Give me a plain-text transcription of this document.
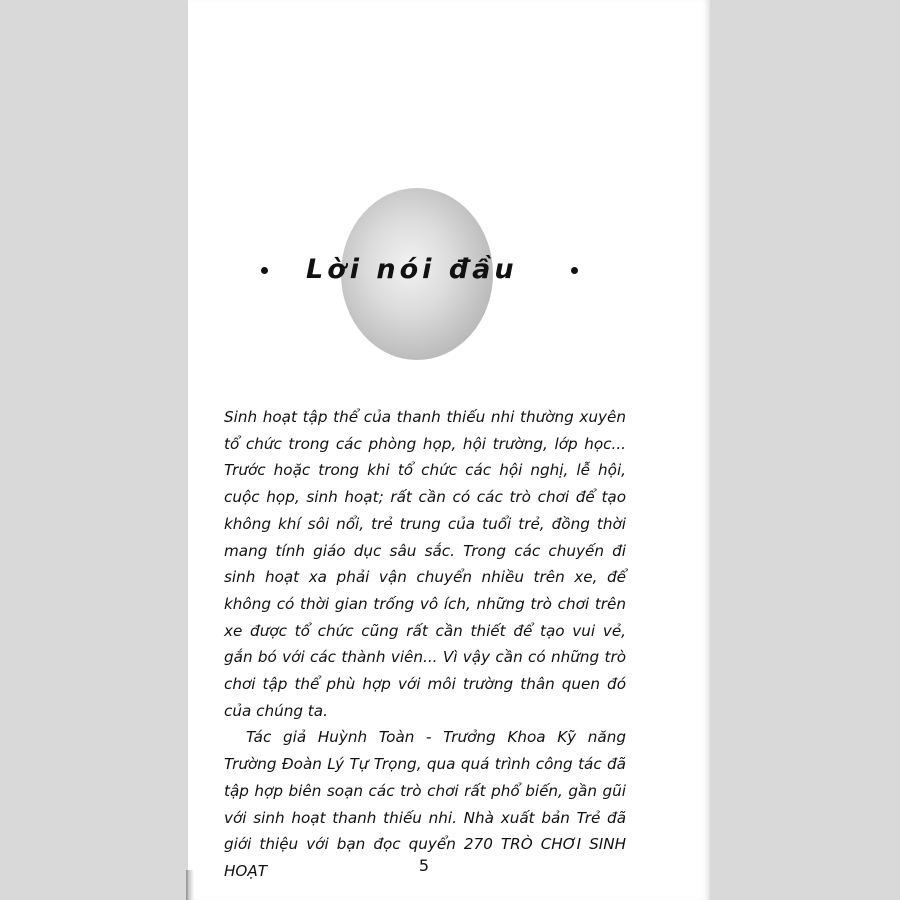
Lời nói đầu

Sinh hoạt tập thể của thanh thiếu nhi thường xuyên tổ chức trong các phòng họp, hội trường, lớp học... Trước hoặc trong khi tổ chức các hội nghị, lễ hội, cuộc họp, sinh hoạt; rất cần có các trò chơi để tạo không khí sôi nổi, trẻ trung của tuổi trẻ, đồng thời mang tính giáo dục sâu sắc. Trong các chuyến đi sinh hoạt xa phải vận chuyển nhiều trên xe, để không có thời gian trống vô ích, những trò chơi trên xe được tổ chức cũng rất cần thiết để tạo vui vẻ, gắn bó với các thành viên... Vì vậy cần có những trò chơi tập thể phù hợp với môi trường thân quen đó của chúng ta.

Tác giả Huỳnh Toàn - Trưởng Khoa Kỹ năng Trường Đoàn Lý Tự Trọng, qua quá trình công tác đã tập hợp biên soạn các trò chơi rất phổ biến, gần gũi với sinh hoạt thanh thiếu nhi. Nhà xuất bản Trẻ đã giới thiệu với bạn đọc quyển 270 TRÒ CHƠI SINH HOẠT	5
